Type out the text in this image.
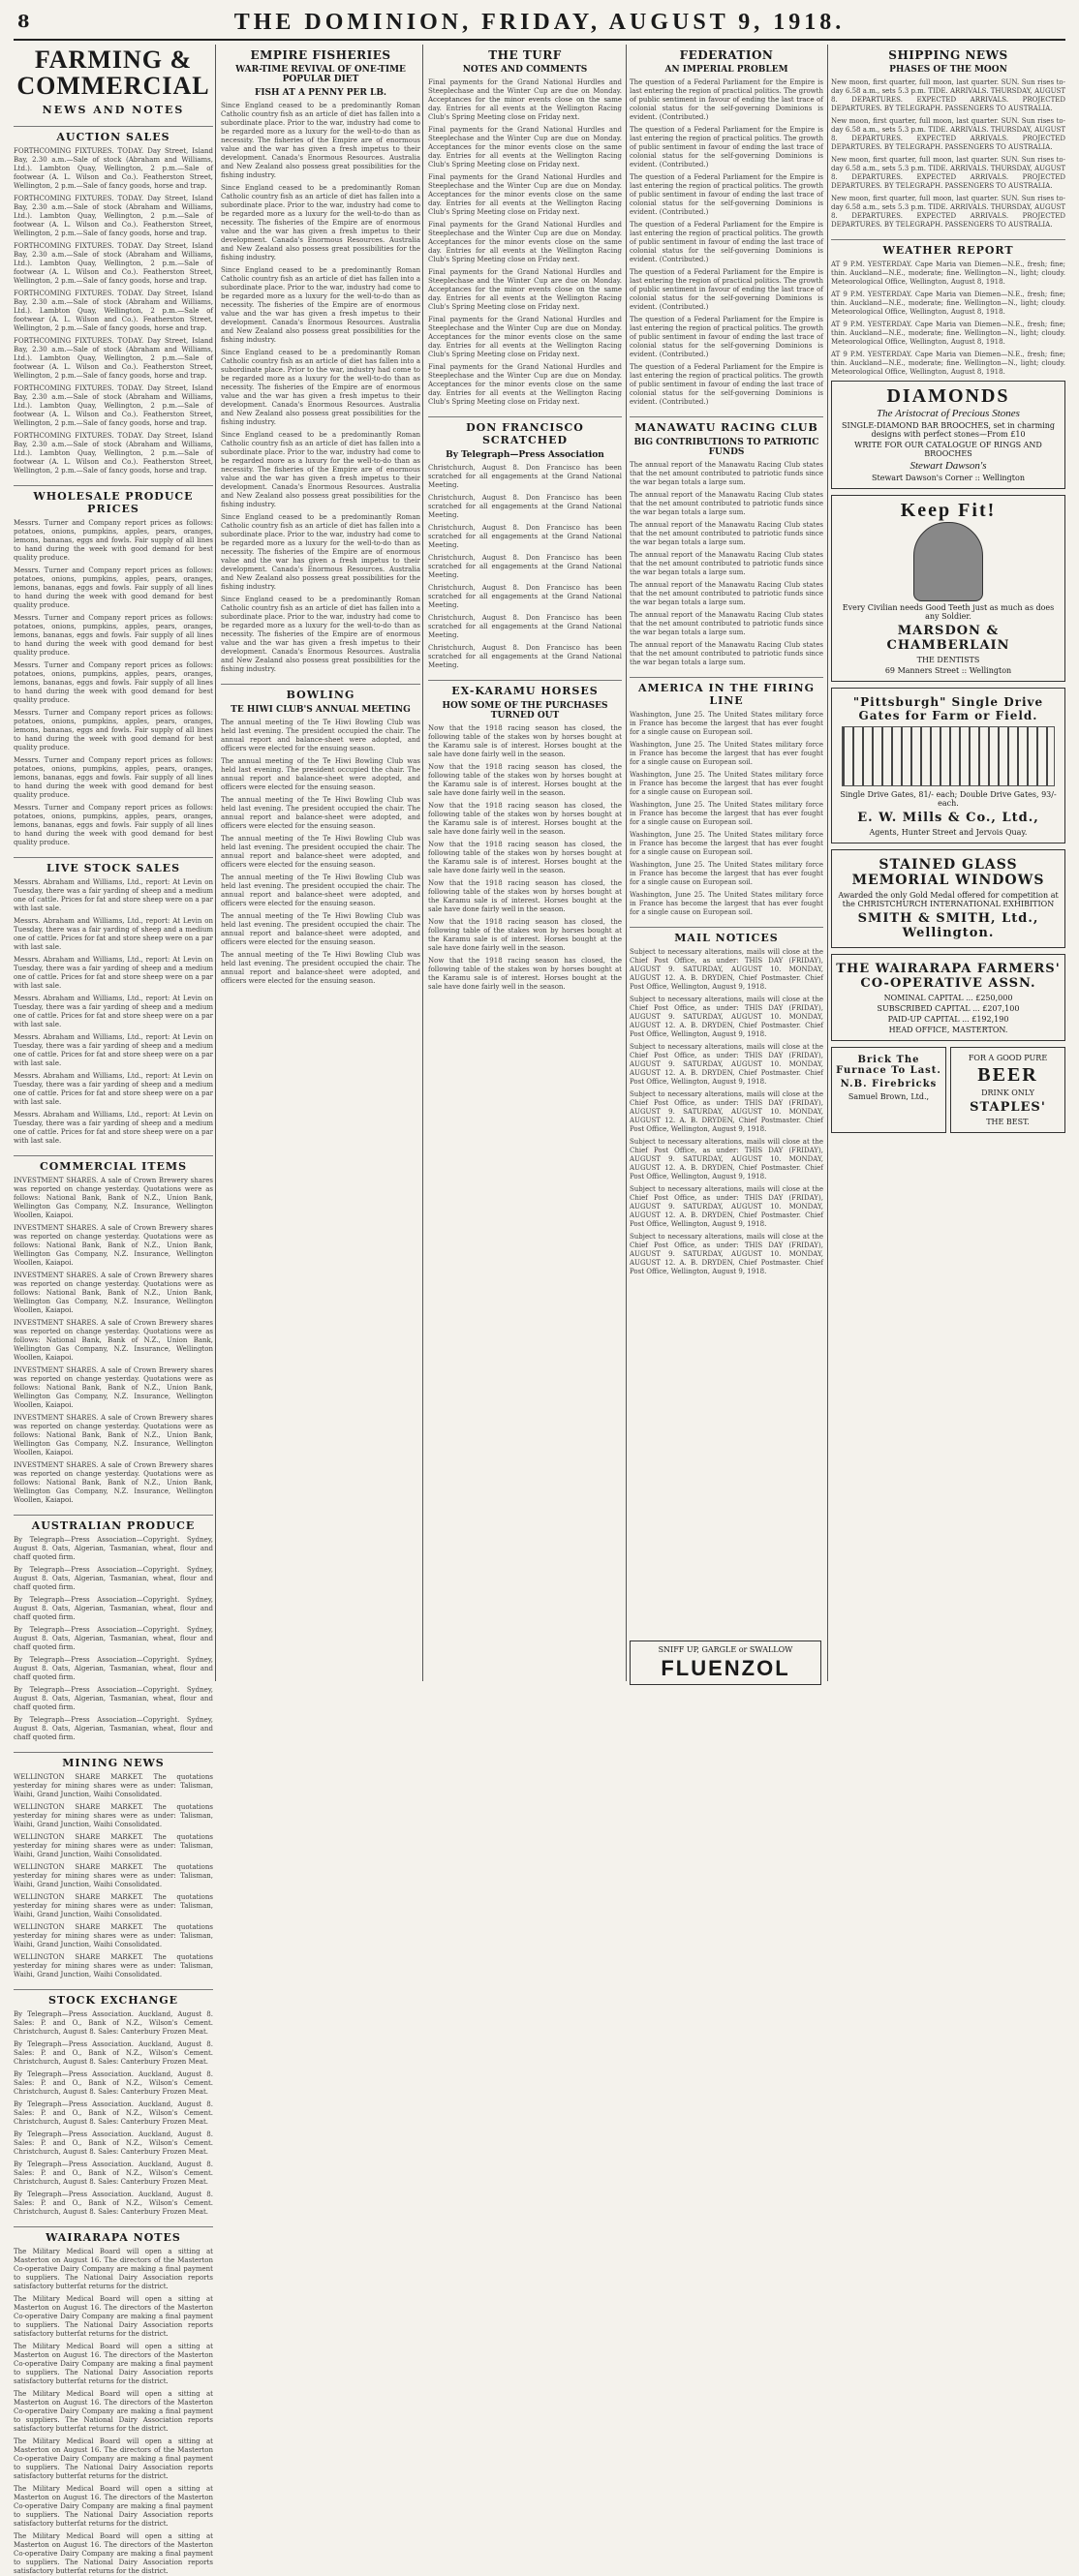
8	THE DOMINION, FRIDAY, AUGUST 9, 1918.
FARMING & COMMERCIAL
NEWS AND NOTES
AUCTION SALES

FORTHCOMING FIXTURES. TODAY. Day Street, Island Bay, 2.30 a.m.—Sale of stock (Abraham and Williams, Ltd.). Lambton Quay, Wellington, 2 p.m.—Sale of footwear (A. L. Wilson and Co.). Featherston Street, Wellington, 2 p.m.—Sale of fancy goods, horse and trap.

FORTHCOMING FIXTURES. TODAY. Day Street, Island Bay, 2.30 a.m.—Sale of stock (Abraham and Williams, Ltd.). Lambton Quay, Wellington, 2 p.m.—Sale of footwear (A. L. Wilson and Co.). Featherston Street, Wellington, 2 p.m.—Sale of fancy goods, horse and trap.

FORTHCOMING FIXTURES. TODAY. Day Street, Island Bay, 2.30 a.m.—Sale of stock (Abraham and Williams, Ltd.). Lambton Quay, Wellington, 2 p.m.—Sale of footwear (A. L. Wilson and Co.). Featherston Street, Wellington, 2 p.m.—Sale of fancy goods, horse and trap.

FORTHCOMING FIXTURES. TODAY. Day Street, Island Bay, 2.30 a.m.—Sale of stock (Abraham and Williams, Ltd.). Lambton Quay, Wellington, 2 p.m.—Sale of footwear (A. L. Wilson and Co.). Featherston Street, Wellington, 2 p.m.—Sale of fancy goods, horse and trap.

FORTHCOMING FIXTURES. TODAY. Day Street, Island Bay, 2.30 a.m.—Sale of stock (Abraham and Williams, Ltd.). Lambton Quay, Wellington, 2 p.m.—Sale of footwear (A. L. Wilson and Co.). Featherston Street, Wellington, 2 p.m.—Sale of fancy goods, horse and trap.

FORTHCOMING FIXTURES. TODAY. Day Street, Island Bay, 2.30 a.m.—Sale of stock (Abraham and Williams, Ltd.). Lambton Quay, Wellington, 2 p.m.—Sale of footwear (A. L. Wilson and Co.). Featherston Street, Wellington, 2 p.m.—Sale of fancy goods, horse and trap.

FORTHCOMING FIXTURES. TODAY. Day Street, Island Bay, 2.30 a.m.—Sale of stock (Abraham and Williams, Ltd.). Lambton Quay, Wellington, 2 p.m.—Sale of footwear (A. L. Wilson and Co.). Featherston Street, Wellington, 2 p.m.—Sale of fancy goods, horse and trap.

WHOLESALE PRODUCE PRICES

Messrs. Turner and Company report prices as follows: potatoes, onions, pumpkins, apples, pears, oranges, lemons, bananas, eggs and fowls. Fair supply of all lines to hand during the week with good demand for best quality produce.

Messrs. Turner and Company report prices as follows: potatoes, onions, pumpkins, apples, pears, oranges, lemons, bananas, eggs and fowls. Fair supply of all lines to hand during the week with good demand for best quality produce.

Messrs. Turner and Company report prices as follows: potatoes, onions, pumpkins, apples, pears, oranges, lemons, bananas, eggs and fowls. Fair supply of all lines to hand during the week with good demand for best quality produce.

Messrs. Turner and Company report prices as follows: potatoes, onions, pumpkins, apples, pears, oranges, lemons, bananas, eggs and fowls. Fair supply of all lines to hand during the week with good demand for best quality produce.

Messrs. Turner and Company report prices as follows: potatoes, onions, pumpkins, apples, pears, oranges, lemons, bananas, eggs and fowls. Fair supply of all lines to hand during the week with good demand for best quality produce.

Messrs. Turner and Company report prices as follows: potatoes, onions, pumpkins, apples, pears, oranges, lemons, bananas, eggs and fowls. Fair supply of all lines to hand during the week with good demand for best quality produce.

Messrs. Turner and Company report prices as follows: potatoes, onions, pumpkins, apples, pears, oranges, lemons, bananas, eggs and fowls. Fair supply of all lines to hand during the week with good demand for best quality produce.

LIVE STOCK SALES

Messrs. Abraham and Williams, Ltd., report: At Levin on Tuesday, there was a fair yarding of sheep and a medium one of cattle. Prices for fat and store sheep were on a par with last sale.

Messrs. Abraham and Williams, Ltd., report: At Levin on Tuesday, there was a fair yarding of sheep and a medium one of cattle. Prices for fat and store sheep were on a par with last sale.

Messrs. Abraham and Williams, Ltd., report: At Levin on Tuesday, there was a fair yarding of sheep and a medium one of cattle. Prices for fat and store sheep were on a par with last sale.

Messrs. Abraham and Williams, Ltd., report: At Levin on Tuesday, there was a fair yarding of sheep and a medium one of cattle. Prices for fat and store sheep were on a par with last sale.

Messrs. Abraham and Williams, Ltd., report: At Levin on Tuesday, there was a fair yarding of sheep and a medium one of cattle. Prices for fat and store sheep were on a par with last sale.

Messrs. Abraham and Williams, Ltd., report: At Levin on Tuesday, there was a fair yarding of sheep and a medium one of cattle. Prices for fat and store sheep were on a par with last sale.

Messrs. Abraham and Williams, Ltd., report: At Levin on Tuesday, there was a fair yarding of sheep and a medium one of cattle. Prices for fat and store sheep were on a par with last sale.

COMMERCIAL ITEMS

INVESTMENT SHARES. A sale of Crown Brewery shares was reported on change yesterday. Quotations were as follows: National Bank, Bank of N.Z., Union Bank, Wellington Gas Company, N.Z. Insurance, Wellington Woollen, Kaiapoi.

INVESTMENT SHARES. A sale of Crown Brewery shares was reported on change yesterday. Quotations were as follows: National Bank, Bank of N.Z., Union Bank, Wellington Gas Company, N.Z. Insurance, Wellington Woollen, Kaiapoi.

INVESTMENT SHARES. A sale of Crown Brewery shares was reported on change yesterday. Quotations were as follows: National Bank, Bank of N.Z., Union Bank, Wellington Gas Company, N.Z. Insurance, Wellington Woollen, Kaiapoi.

INVESTMENT SHARES. A sale of Crown Brewery shares was reported on change yesterday. Quotations were as follows: National Bank, Bank of N.Z., Union Bank, Wellington Gas Company, N.Z. Insurance, Wellington Woollen, Kaiapoi.

INVESTMENT SHARES. A sale of Crown Brewery shares was reported on change yesterday. Quotations were as follows: National Bank, Bank of N.Z., Union Bank, Wellington Gas Company, N.Z. Insurance, Wellington Woollen, Kaiapoi.

INVESTMENT SHARES. A sale of Crown Brewery shares was reported on change yesterday. Quotations were as follows: National Bank, Bank of N.Z., Union Bank, Wellington Gas Company, N.Z. Insurance, Wellington Woollen, Kaiapoi.

INVESTMENT SHARES. A sale of Crown Brewery shares was reported on change yesterday. Quotations were as follows: National Bank, Bank of N.Z., Union Bank, Wellington Gas Company, N.Z. Insurance, Wellington Woollen, Kaiapoi.

AUSTRALIAN PRODUCE

By Telegraph—Press Association—Copyright. Sydney, August 8. Oats, Algerian, Tasmanian, wheat, flour and chaff quoted firm.

By Telegraph—Press Association—Copyright. Sydney, August 8. Oats, Algerian, Tasmanian, wheat, flour and chaff quoted firm.

By Telegraph—Press Association—Copyright. Sydney, August 8. Oats, Algerian, Tasmanian, wheat, flour and chaff quoted firm.

By Telegraph—Press Association—Copyright. Sydney, August 8. Oats, Algerian, Tasmanian, wheat, flour and chaff quoted firm.

By Telegraph—Press Association—Copyright. Sydney, August 8. Oats, Algerian, Tasmanian, wheat, flour and chaff quoted firm.

By Telegraph—Press Association—Copyright. Sydney, August 8. Oats, Algerian, Tasmanian, wheat, flour and chaff quoted firm.

By Telegraph—Press Association—Copyright. Sydney, August 8. Oats, Algerian, Tasmanian, wheat, flour and chaff quoted firm.

MINING NEWS

WELLINGTON SHARE MARKET. The quotations yesterday for mining shares were as under: Talisman, Waihi, Grand Junction, Waihi Consolidated.

WELLINGTON SHARE MARKET. The quotations yesterday for mining shares were as under: Talisman, Waihi, Grand Junction, Waihi Consolidated.

WELLINGTON SHARE MARKET. The quotations yesterday for mining shares were as under: Talisman, Waihi, Grand Junction, Waihi Consolidated.

WELLINGTON SHARE MARKET. The quotations yesterday for mining shares were as under: Talisman, Waihi, Grand Junction, Waihi Consolidated.

WELLINGTON SHARE MARKET. The quotations yesterday for mining shares were as under: Talisman, Waihi, Grand Junction, Waihi Consolidated.

WELLINGTON SHARE MARKET. The quotations yesterday for mining shares were as under: Talisman, Waihi, Grand Junction, Waihi Consolidated.

WELLINGTON SHARE MARKET. The quotations yesterday for mining shares were as under: Talisman, Waihi, Grand Junction, Waihi Consolidated.

STOCK EXCHANGE

By Telegraph—Press Association. Auckland, August 8. Sales: P. and O., Bank of N.Z., Wilson's Cement. Christchurch, August 8. Sales: Canterbury Frozen Meat.

By Telegraph—Press Association. Auckland, August 8. Sales: P. and O., Bank of N.Z., Wilson's Cement. Christchurch, August 8. Sales: Canterbury Frozen Meat.

By Telegraph—Press Association. Auckland, August 8. Sales: P. and O., Bank of N.Z., Wilson's Cement. Christchurch, August 8. Sales: Canterbury Frozen Meat.

By Telegraph—Press Association. Auckland, August 8. Sales: P. and O., Bank of N.Z., Wilson's Cement. Christchurch, August 8. Sales: Canterbury Frozen Meat.

By Telegraph—Press Association. Auckland, August 8. Sales: P. and O., Bank of N.Z., Wilson's Cement. Christchurch, August 8. Sales: Canterbury Frozen Meat.

By Telegraph—Press Association. Auckland, August 8. Sales: P. and O., Bank of N.Z., Wilson's Cement. Christchurch, August 8. Sales: Canterbury Frozen Meat.

By Telegraph—Press Association. Auckland, August 8. Sales: P. and O., Bank of N.Z., Wilson's Cement. Christchurch, August 8. Sales: Canterbury Frozen Meat.

WAIRARAPA NOTES

The Military Medical Board will open a sitting at Masterton on August 16. The directors of the Masterton Co-operative Dairy Company are making a final payment to suppliers. The National Dairy Association reports satisfactory butterfat returns for the district.

The Military Medical Board will open a sitting at Masterton on August 16. The directors of the Masterton Co-operative Dairy Company are making a final payment to suppliers. The National Dairy Association reports satisfactory butterfat returns for the district.

The Military Medical Board will open a sitting at Masterton on August 16. The directors of the Masterton Co-operative Dairy Company are making a final payment to suppliers. The National Dairy Association reports satisfactory butterfat returns for the district.

The Military Medical Board will open a sitting at Masterton on August 16. The directors of the Masterton Co-operative Dairy Company are making a final payment to suppliers. The National Dairy Association reports satisfactory butterfat returns for the district.

The Military Medical Board will open a sitting at Masterton on August 16. The directors of the Masterton Co-operative Dairy Company are making a final payment to suppliers. The National Dairy Association reports satisfactory butterfat returns for the district.

The Military Medical Board will open a sitting at Masterton on August 16. The directors of the Masterton Co-operative Dairy Company are making a final payment to suppliers. The National Dairy Association reports satisfactory butterfat returns for the district.

The Military Medical Board will open a sitting at Masterton on August 16. The directors of the Masterton Co-operative Dairy Company are making a final payment to suppliers. The National Dairy Association reports satisfactory butterfat returns for the district.

EMPIRE FISHERIES
WAR-TIME REVIVAL OF ONE-TIME POPULAR DIET
FISH AT A PENNY PER LB.

Since England ceased to be a predominantly Roman Catholic country fish as an article of diet has fallen into a subordinate place. Prior to the war, industry had come to be regarded more as a luxury for the well-to-do than as necessity. The fisheries of the Empire are of enormous value and the war has given a fresh impetus to their development. Canada's Enormous Resources. Australia and New Zealand also possess great possibilities for the fishing industry.

Since England ceased to be a predominantly Roman Catholic country fish as an article of diet has fallen into a subordinate place. Prior to the war, industry had come to be regarded more as a luxury for the well-to-do than as necessity. The fisheries of the Empire are of enormous value and the war has given a fresh impetus to their development. Canada's Enormous Resources. Australia and New Zealand also possess great possibilities for the fishing industry.

Since England ceased to be a predominantly Roman Catholic country fish as an article of diet has fallen into a subordinate place. Prior to the war, industry had come to be regarded more as a luxury for the well-to-do than as necessity. The fisheries of the Empire are of enormous value and the war has given a fresh impetus to their development. Canada's Enormous Resources. Australia and New Zealand also possess great possibilities for the fishing industry.

Since England ceased to be a predominantly Roman Catholic country fish as an article of diet has fallen into a subordinate place. Prior to the war, industry had come to be regarded more as a luxury for the well-to-do than as necessity. The fisheries of the Empire are of enormous value and the war has given a fresh impetus to their development. Canada's Enormous Resources. Australia and New Zealand also possess great possibilities for the fishing industry.

Since England ceased to be a predominantly Roman Catholic country fish as an article of diet has fallen into a subordinate place. Prior to the war, industry had come to be regarded more as a luxury for the well-to-do than as necessity. The fisheries of the Empire are of enormous value and the war has given a fresh impetus to their development. Canada's Enormous Resources. Australia and New Zealand also possess great possibilities for the fishing industry.

Since England ceased to be a predominantly Roman Catholic country fish as an article of diet has fallen into a subordinate place. Prior to the war, industry had come to be regarded more as a luxury for the well-to-do than as necessity. The fisheries of the Empire are of enormous value and the war has given a fresh impetus to their development. Canada's Enormous Resources. Australia and New Zealand also possess great possibilities for the fishing industry.

Since England ceased to be a predominantly Roman Catholic country fish as an article of diet has fallen into a subordinate place. Prior to the war, industry had come to be regarded more as a luxury for the well-to-do than as necessity. The fisheries of the Empire are of enormous value and the war has given a fresh impetus to their development. Canada's Enormous Resources. Australia and New Zealand also possess great possibilities for the fishing industry.

BOWLING
TE HIWI CLUB'S ANNUAL MEETING

The annual meeting of the Te Hiwi Bowling Club was held last evening. The president occupied the chair. The annual report and balance-sheet were adopted, and officers were elected for the ensuing season.

The annual meeting of the Te Hiwi Bowling Club was held last evening. The president occupied the chair. The annual report and balance-sheet were adopted, and officers were elected for the ensuing season.

The annual meeting of the Te Hiwi Bowling Club was held last evening. The president occupied the chair. The annual report and balance-sheet were adopted, and officers were elected for the ensuing season.

The annual meeting of the Te Hiwi Bowling Club was held last evening. The president occupied the chair. The annual report and balance-sheet were adopted, and officers were elected for the ensuing season.

The annual meeting of the Te Hiwi Bowling Club was held last evening. The president occupied the chair. The annual report and balance-sheet were adopted, and officers were elected for the ensuing season.

The annual meeting of the Te Hiwi Bowling Club was held last evening. The president occupied the chair. The annual report and balance-sheet were adopted, and officers were elected for the ensuing season.

The annual meeting of the Te Hiwi Bowling Club was held last evening. The president occupied the chair. The annual report and balance-sheet were adopted, and officers were elected for the ensuing season.

THE TURF
NOTES AND COMMENTS

Final payments for the Grand National Hurdles and Steeplechase and the Winter Cup are due on Monday. Acceptances for the minor events close on the same day. Entries for all events at the Wellington Racing Club's Spring Meeting close on Friday next.

Final payments for the Grand National Hurdles and Steeplechase and the Winter Cup are due on Monday. Acceptances for the minor events close on the same day. Entries for all events at the Wellington Racing Club's Spring Meeting close on Friday next.

Final payments for the Grand National Hurdles and Steeplechase and the Winter Cup are due on Monday. Acceptances for the minor events close on the same day. Entries for all events at the Wellington Racing Club's Spring Meeting close on Friday next.

Final payments for the Grand National Hurdles and Steeplechase and the Winter Cup are due on Monday. Acceptances for the minor events close on the same day. Entries for all events at the Wellington Racing Club's Spring Meeting close on Friday next.

Final payments for the Grand National Hurdles and Steeplechase and the Winter Cup are due on Monday. Acceptances for the minor events close on the same day. Entries for all events at the Wellington Racing Club's Spring Meeting close on Friday next.

Final payments for the Grand National Hurdles and Steeplechase and the Winter Cup are due on Monday. Acceptances for the minor events close on the same day. Entries for all events at the Wellington Racing Club's Spring Meeting close on Friday next.

Final payments for the Grand National Hurdles and Steeplechase and the Winter Cup are due on Monday. Acceptances for the minor events close on the same day. Entries for all events at the Wellington Racing Club's Spring Meeting close on Friday next.

DON FRANCISCO SCRATCHED
By Telegraph—Press Association

Christchurch, August 8. Don Francisco has been scratched for all engagements at the Grand National Meeting.

Christchurch, August 8. Don Francisco has been scratched for all engagements at the Grand National Meeting.

Christchurch, August 8. Don Francisco has been scratched for all engagements at the Grand National Meeting.

Christchurch, August 8. Don Francisco has been scratched for all engagements at the Grand National Meeting.

Christchurch, August 8. Don Francisco has been scratched for all engagements at the Grand National Meeting.

Christchurch, August 8. Don Francisco has been scratched for all engagements at the Grand National Meeting.

Christchurch, August 8. Don Francisco has been scratched for all engagements at the Grand National Meeting.

EX-KARAMU HORSES
HOW SOME OF THE PURCHASES TURNED OUT

Now that the 1918 racing season has closed, the following table of the stakes won by horses bought at the Karamu sale is of interest. Horses bought at the sale have done fairly well in the season.

Now that the 1918 racing season has closed, the following table of the stakes won by horses bought at the Karamu sale is of interest. Horses bought at the sale have done fairly well in the season.

Now that the 1918 racing season has closed, the following table of the stakes won by horses bought at the Karamu sale is of interest. Horses bought at the sale have done fairly well in the season.

Now that the 1918 racing season has closed, the following table of the stakes won by horses bought at the Karamu sale is of interest. Horses bought at the sale have done fairly well in the season.

Now that the 1918 racing season has closed, the following table of the stakes won by horses bought at the Karamu sale is of interest. Horses bought at the sale have done fairly well in the season.

Now that the 1918 racing season has closed, the following table of the stakes won by horses bought at the Karamu sale is of interest. Horses bought at the sale have done fairly well in the season.

Now that the 1918 racing season has closed, the following table of the stakes won by horses bought at the Karamu sale is of interest. Horses bought at the sale have done fairly well in the season.

FEDERATION
AN IMPERIAL PROBLEM

The question of a Federal Parliament for the Empire is last entering the region of practical politics. The growth of public sentiment in favour of ending the last trace of colonial status for the self-governing Dominions is evident. (Contributed.)

The question of a Federal Parliament for the Empire is last entering the region of practical politics. The growth of public sentiment in favour of ending the last trace of colonial status for the self-governing Dominions is evident. (Contributed.)

The question of a Federal Parliament for the Empire is last entering the region of practical politics. The growth of public sentiment in favour of ending the last trace of colonial status for the self-governing Dominions is evident. (Contributed.)

The question of a Federal Parliament for the Empire is last entering the region of practical politics. The growth of public sentiment in favour of ending the last trace of colonial status for the self-governing Dominions is evident. (Contributed.)

The question of a Federal Parliament for the Empire is last entering the region of practical politics. The growth of public sentiment in favour of ending the last trace of colonial status for the self-governing Dominions is evident. (Contributed.)

The question of a Federal Parliament for the Empire is last entering the region of practical politics. The growth of public sentiment in favour of ending the last trace of colonial status for the self-governing Dominions is evident. (Contributed.)

The question of a Federal Parliament for the Empire is last entering the region of practical politics. The growth of public sentiment in favour of ending the last trace of colonial status for the self-governing Dominions is evident. (Contributed.)

MANAWATU RACING CLUB
BIG CONTRIBUTIONS TO PATRIOTIC FUNDS

The annual report of the Manawatu Racing Club states that the net amount contributed to patriotic funds since the war began totals a large sum.

The annual report of the Manawatu Racing Club states that the net amount contributed to patriotic funds since the war began totals a large sum.

The annual report of the Manawatu Racing Club states that the net amount contributed to patriotic funds since the war began totals a large sum.

The annual report of the Manawatu Racing Club states that the net amount contributed to patriotic funds since the war began totals a large sum.

The annual report of the Manawatu Racing Club states that the net amount contributed to patriotic funds since the war began totals a large sum.

The annual report of the Manawatu Racing Club states that the net amount contributed to patriotic funds since the war began totals a large sum.

The annual report of the Manawatu Racing Club states that the net amount contributed to patriotic funds since the war began totals a large sum.

AMERICA IN THE FIRING LINE

Washington, June 25. The United States military force in France has become the largest that has ever fought for a single cause on European soil.

Washington, June 25. The United States military force in France has become the largest that has ever fought for a single cause on European soil.

Washington, June 25. The United States military force in France has become the largest that has ever fought for a single cause on European soil.

Washington, June 25. The United States military force in France has become the largest that has ever fought for a single cause on European soil.

Washington, June 25. The United States military force in France has become the largest that has ever fought for a single cause on European soil.

Washington, June 25. The United States military force in France has become the largest that has ever fought for a single cause on European soil.

Washington, June 25. The United States military force in France has become the largest that has ever fought for a single cause on European soil.

MAIL NOTICES

Subject to necessary alterations, mails will close at the Chief Post Office, as under: THIS DAY (FRIDAY), AUGUST 9. SATURDAY, AUGUST 10. MONDAY, AUGUST 12. A. B. DRYDEN, Chief Postmaster. Chief Post Office, Wellington, August 9, 1918.

Subject to necessary alterations, mails will close at the Chief Post Office, as under: THIS DAY (FRIDAY), AUGUST 9. SATURDAY, AUGUST 10. MONDAY, AUGUST 12. A. B. DRYDEN, Chief Postmaster. Chief Post Office, Wellington, August 9, 1918.

Subject to necessary alterations, mails will close at the Chief Post Office, as under: THIS DAY (FRIDAY), AUGUST 9. SATURDAY, AUGUST 10. MONDAY, AUGUST 12. A. B. DRYDEN, Chief Postmaster. Chief Post Office, Wellington, August 9, 1918.

Subject to necessary alterations, mails will close at the Chief Post Office, as under: THIS DAY (FRIDAY), AUGUST 9. SATURDAY, AUGUST 10. MONDAY, AUGUST 12. A. B. DRYDEN, Chief Postmaster. Chief Post Office, Wellington, August 9, 1918.

Subject to necessary alterations, mails will close at the Chief Post Office, as under: THIS DAY (FRIDAY), AUGUST 9. SATURDAY, AUGUST 10. MONDAY, AUGUST 12. A. B. DRYDEN, Chief Postmaster. Chief Post Office, Wellington, August 9, 1918.

Subject to necessary alterations, mails will close at the Chief Post Office, as under: THIS DAY (FRIDAY), AUGUST 9. SATURDAY, AUGUST 10. MONDAY, AUGUST 12. A. B. DRYDEN, Chief Postmaster. Chief Post Office, Wellington, August 9, 1918.

Subject to necessary alterations, mails will close at the Chief Post Office, as under: THIS DAY (FRIDAY), AUGUST 9. SATURDAY, AUGUST 10. MONDAY, AUGUST 12. A. B. DRYDEN, Chief Postmaster. Chief Post Office, Wellington, August 9, 1918.

SHIPPING NEWS
PHASES OF THE MOON

New moon, first quarter, full moon, last quarter. SUN. Sun rises to-day 6.58 a.m., sets 5.3 p.m. TIDE. ARRIVALS. THURSDAY, AUGUST 8. DEPARTURES. EXPECTED ARRIVALS. PROJECTED DEPARTURES. BY TELEGRAPH. PASSENGERS TO AUSTRALIA.

New moon, first quarter, full moon, last quarter. SUN. Sun rises to-day 6.58 a.m., sets 5.3 p.m. TIDE. ARRIVALS. THURSDAY, AUGUST 8. DEPARTURES. EXPECTED ARRIVALS. PROJECTED DEPARTURES. BY TELEGRAPH. PASSENGERS TO AUSTRALIA.

New moon, first quarter, full moon, last quarter. SUN. Sun rises to-day 6.58 a.m., sets 5.3 p.m. TIDE. ARRIVALS. THURSDAY, AUGUST 8. DEPARTURES. EXPECTED ARRIVALS. PROJECTED DEPARTURES. BY TELEGRAPH. PASSENGERS TO AUSTRALIA.

New moon, first quarter, full moon, last quarter. SUN. Sun rises to-day 6.58 a.m., sets 5.3 p.m. TIDE. ARRIVALS. THURSDAY, AUGUST 8. DEPARTURES. EXPECTED ARRIVALS. PROJECTED DEPARTURES. BY TELEGRAPH. PASSENGERS TO AUSTRALIA.

WEATHER REPORT

AT 9 P.M. YESTERDAY. Cape Maria van Diemen—N.E., fresh; fine; thin. Auckland—N.E., moderate; fine. Wellington—N., light; cloudy. Meteorological Office, Wellington, August 8, 1918.

AT 9 P.M. YESTERDAY. Cape Maria van Diemen—N.E., fresh; fine; thin. Auckland—N.E., moderate; fine. Wellington—N., light; cloudy. Meteorological Office, Wellington, August 8, 1918.

AT 9 P.M. YESTERDAY. Cape Maria van Diemen—N.E., fresh; fine; thin. Auckland—N.E., moderate; fine. Wellington—N., light; cloudy. Meteorological Office, Wellington, August 8, 1918.

AT 9 P.M. YESTERDAY. Cape Maria van Diemen—N.E., fresh; fine; thin. Auckland—N.E., moderate; fine. Wellington—N., light; cloudy. Meteorological Office, Wellington, August 8, 1918.

DIAMONDS
The Aristocrat of Precious Stones
SINGLE-DIAMOND BAR BROOCHES, set in charming designs with perfect stones—From £10
WRITE FOR OUR CATALOGUE OF RINGS AND BROOCHES
Stewart Dawson's
Stewart Dawson's Corner :: Wellington
Keep Fit!
Every Civilian needs Good Teeth just as much as does any Soldier.
MARSDON & CHAMBERLAIN
THE DENTISTS
69 Manners Street :: Wellington
"Pittsburgh" Single Drive Gates for Farm or Field.
Single Drive Gates, 81/- each; Double Drive Gates, 93/- each.
E. W. Mills & Co., Ltd.,
Agents, Hunter Street and Jervois Quay.
STAINED GLASS MEMORIAL WINDOWS
Awarded the only Gold Medal offered for competition at the CHRISTCHURCH INTERNATIONAL EXHIBITION
SMITH & SMITH, Ltd., Wellington.
THE WAIRARAPA FARMERS' CO-OPERATIVE ASSN.
NOMINAL CAPITAL ... £250,000
SUBSCRIBED CAPITAL ... £207,100
PAID-UP CAPITAL ... £192,190
HEAD OFFICE, MASTERTON.
Brick The Furnace To Last.
N.B. Firebricks
Samuel Brown, Ltd.,
FOR A GOOD PURE
BEER
DRINK ONLY
STAPLES'
THE BEST.
SNIFF UP, GARGLE or SWALLOW
FLUENZOL
